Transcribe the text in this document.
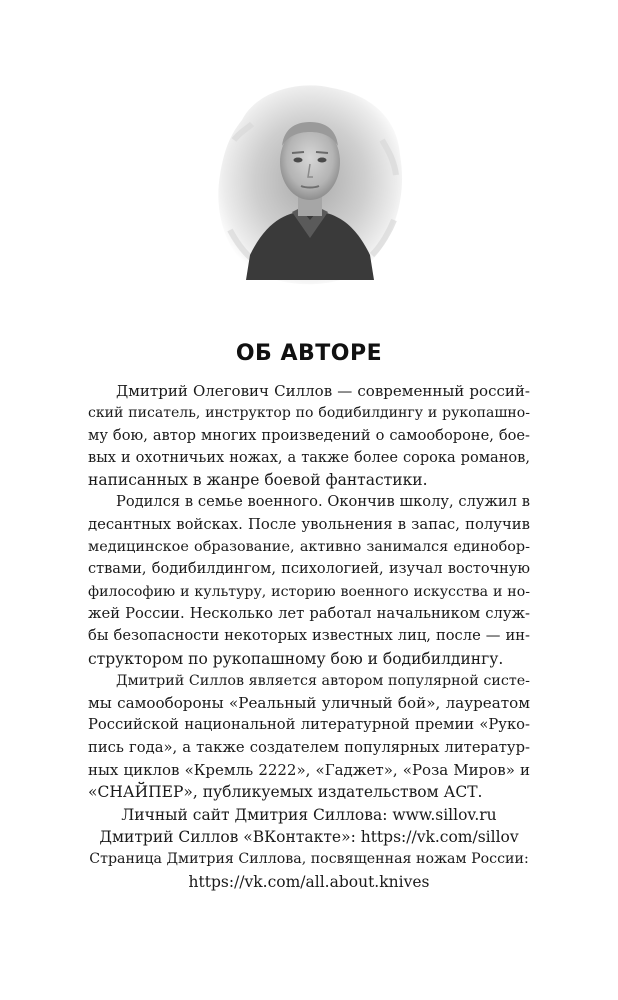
ОБ АВТОРЕ
Дмитрий Олегович Силлов — современный россий-
ский писатель, инструктор по бодибилдингу и рукопашно-
му бою, автор многих произведений о самообороне, бое-
вых и охотничьих ножах, а также более сорока романов,
написанных в жанре боевой фантастики.
Родился в семье военного. Окончив школу, служил в
десантных войсках. После увольнения в запас, получив
медицинское образование, активно занимался единобор-
ствами, бодибилдингом, психологией, изучал восточную
философию и культуру, историю военного искусства и но-
жей России. Несколько лет работал начальником служ-
бы безопасности некоторых известных лиц, после — ин-
структором по рукопашному бою и бодибилдингу.
Дмитрий Силлов является автором популярной систе-
мы самообороны «Реальный уличный бой», лауреатом
Российской национальной литературной премии «Руко-
пись года», а также создателем популярных литератур-
ных циклов «Кремль 2222», «Гаджет», «Роза Миров» и
«СНАЙПЕР», публикуемых издательством АСТ.
Личный сайт Дмитрия Силлова: www.sillov.ru
Дмитрий Силлов «ВКонтакте»: https://vk.com/sillov
Страница Дмитрия Силлова, посвященная ножам России:
https://vk.com/all.about.knives
